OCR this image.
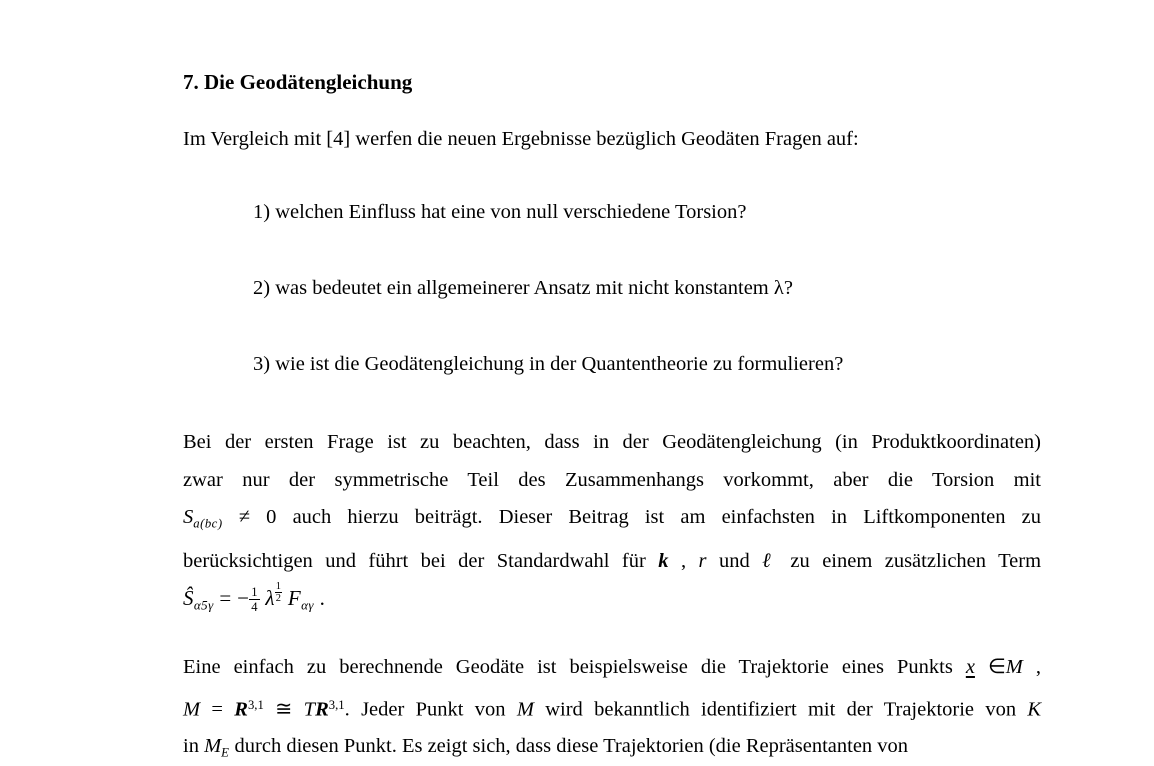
7. Die Geodätengleichung
Im Vergleich mit [4] werfen die neuen Ergebnisse bezüglich Geodäten Fragen auf:
1) welchen Einfluss hat eine von null verschiedene Torsion?
2) was bedeutet ein allgemeinerer Ansatz mit nicht konstantem λ?
3) wie ist die Geodätengleichung in der Quantentheorie zu formulieren?
Bei der ersten Frage ist zu beachten, dass in der Geodätengleichung (in Produktkoordinaten)
zwar nur der symmetrische Teil des Zusammenhangs vorkommt, aber die Torsion mit
$S_{a(bc)} \ne 0$ auch hierzu beiträgt. Dieser Beitrag ist am einfachsten in Liftkomponenten zu
berücksichtigen und führt bei der Standardwahl für k , r und ℓ zu einem zusätzlichen Term
$Ŝ_{\alpha 5\gamma}$ = − $\frac{1}{4}$ λ $\frac{1}{2} F_{\alpha\gamma}$ .
Eine einfach zu berechnende Geodäte ist beispielsweise die Trajektorie eines Punkts x ∈M ,
M = R$^{3,1}$ ≅ TR$^{3,1}$. Jeder Punkt von M wird bekanntlich identifiziert mit der Trajektorie von K
in $M_E$ durch diesen Punkt. Es zeigt sich, dass diese Trajektorien (die Repräsentanten von
